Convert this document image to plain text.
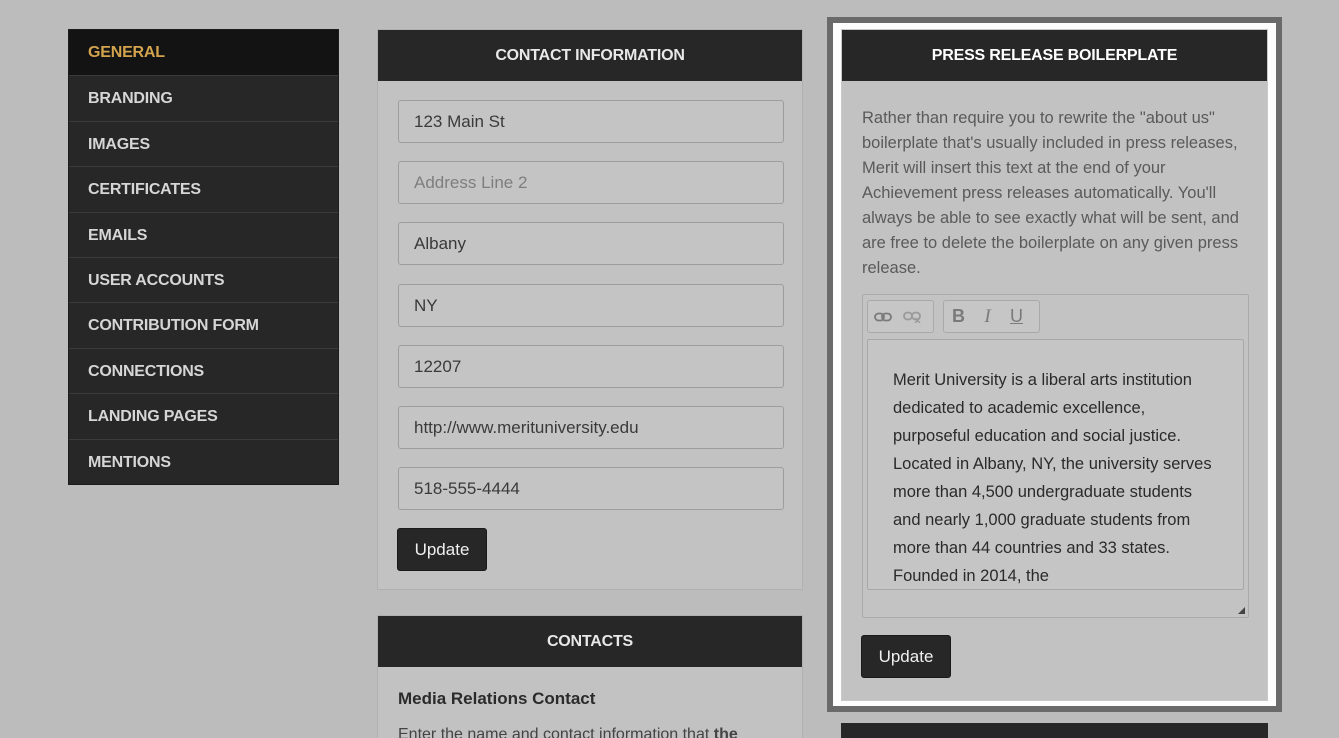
GENERAL
BRANDING
IMAGES
CERTIFICATES
EMAILS
USER ACCOUNTS
CONTRIBUTION FORM
CONNECTIONS
LANDING PAGES
MENTIONS
CONTACT INFORMATION
123 Main St
Address Line 2
Albany
NY
12207
http://www.merituniversity.edu
518-555-4444
Update
CONTACTS
Media Relations Contact
Enter the name and contact information that the
PRESS RELEASE BOILERPLATE

Rather than require you to rewrite the "about us" boilerplate that's usually included in press releases, Merit will insert this text at the end of your Achievement press releases automatically. You'll always be able to see exactly what will be sent, and are free to delete the boilerplate on any given press release.

B	I	U
Merit University is a liberal arts institution dedicated to academic excellence, purposeful education and social justice. Located in Albany, NY, the university serves more than 4,500 undergraduate students and nearly 1,000 graduate students from more than 44 countries and 33 states. Founded in 2014, the
Update
